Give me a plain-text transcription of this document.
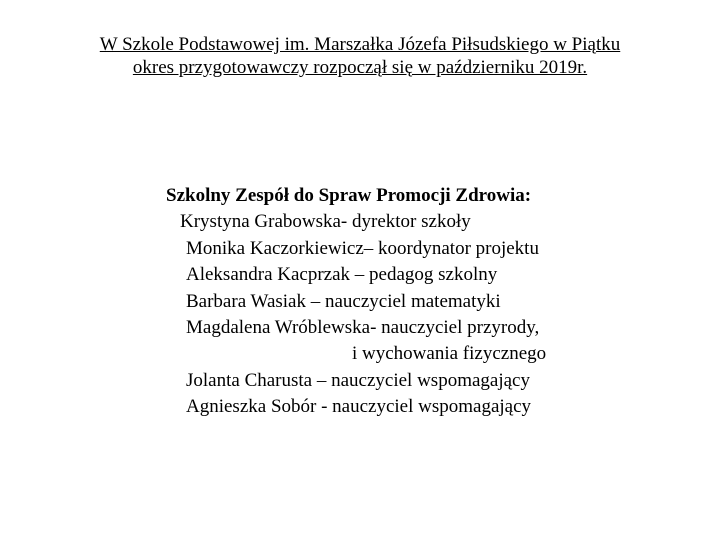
W Szkole Podstawowej im. Marszałka Józefa Piłsudskiego w Piątku
okres przygotowawczy rozpoczął się w październiku 2019r.
Szkolny Zespół do Spraw Promocji Zdrowia:
Krystyna Grabowska- dyrektor szkoły
Monika Kaczorkiewicz– koordynator projektu
Aleksandra Kacprzak – pedagog szkolny
Barbara Wasiak – nauczyciel matematyki
Magdalena Wróblewska- nauczyciel przyrody,
i wychowania fizycznego
Jolanta Charusta – nauczyciel wspomagający
Agnieszka Sobór - nauczyciel wspomagający
